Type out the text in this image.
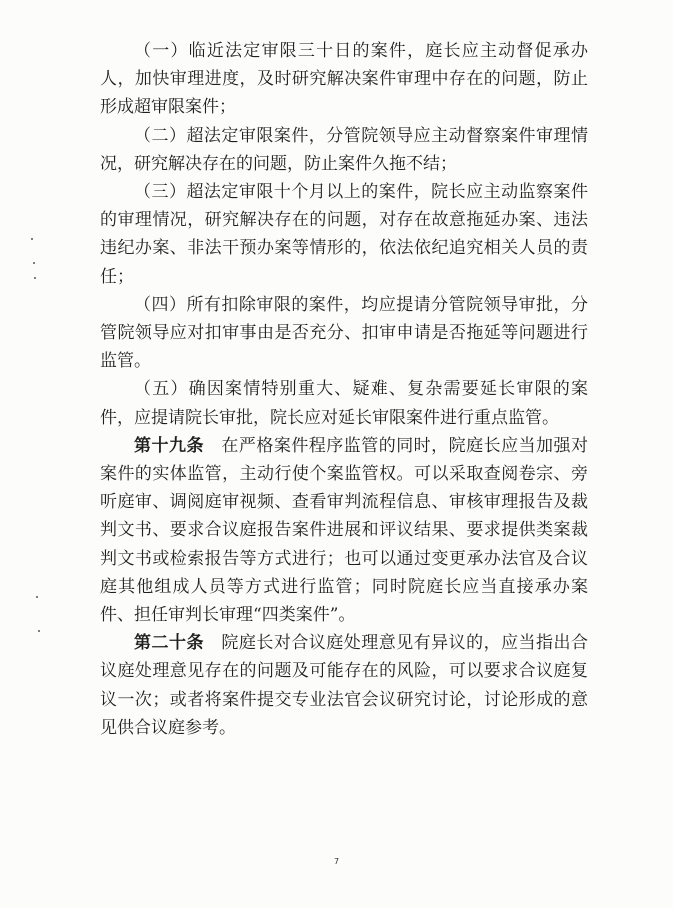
（一）临近法定审限三十日的案件，庭长应主动督促承办人，加快审理进度，及时研究解决案件审理中存在的问题，防止形成超审限案件；

（二）超法定审限案件，分管院领导应主动督察案件审理情况，研究解决存在的问题，防止案件久拖不结；

（三）超法定审限十个月以上的案件，院长应主动监察案件的审理情况，研究解决存在的问题，对存在故意拖延办案、违法违纪办案、非法干预办案等情形的，依法依纪追究相关人员的责任；

（四）所有扣除审限的案件，均应提请分管院领导审批，分管院领导应对扣审事由是否充分、扣审申请是否拖延等问题进行监管。

（五）确因案情特别重大、疑难、复杂需要延长审限的案件，应提请院长审批，院长应对延长审限案件进行重点监管。

第十九条　在严格案件程序监管的同时，院庭长应当加强对案件的实体监管，主动行使个案监管权。可以采取查阅卷宗、旁听庭审、调阅庭审视频、查看审判流程信息、审核审理报告及裁判文书、要求合议庭报告案件进展和评议结果、要求提供类案裁判文书或检索报告等方式进行；也可以通过变更承办法官及合议庭其他组成人员等方式进行监管；同时院庭长应当直接承办案件、担任审判长审理“四类案件”。

第二十条　院庭长对合议庭处理意见有异议的，应当指出合议庭处理意见存在的问题及可能存在的风险，可以要求合议庭复议一次；或者将案件提交专业法官会议研究讨论，讨论形成的意见供合议庭参考。

7
